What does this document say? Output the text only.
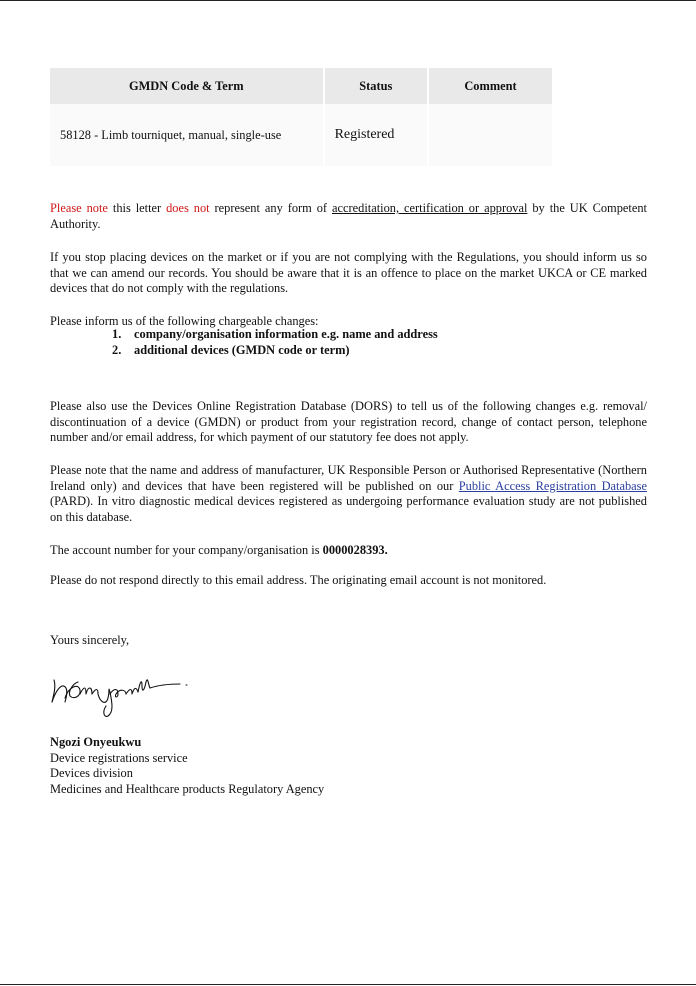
GMDN Code & Term	Status	Comment
58128 - Limb tourniquet, manual, single-use	Registered	

Please note this letter does not represent any form of accreditation, certification or approval by the UK Competent Authority.

If you stop placing devices on the market or if you are not complying with the Regulations, you should inform us so that we can amend our records. You should be aware that it is an offence to place on the market UKCA or CE marked devices that do not comply with the regulations.

Please inform us of the following chargeable changes:

1. company/organisation information e.g. name and address
2. additional devices (GMDN code or term)

Please also use the Devices Online Registration Database (DORS) to tell us of the following changes e.g. removal/ discontinuation of a device (GMDN) or product from your registration record, change of contact person, telephone number and/or email address, for which payment of our statutory fee does not apply.

Please note that the name and address of manufacturer, UK Responsible Person or Authorised Representative (Northern Ireland only) and devices that have been registered will be published on our Public Access Registration Database (PARD). In vitro diagnostic medical devices registered as undergoing performance evaluation study are not published on this database.

The account number for your company/organisation is 0000028393.

Please do not respond directly to this email address. The originating email account is not monitored.

Yours sincerely,

Ngozi Onyeukwu
Device registrations service
Devices division
Medicines and Healthcare products Regulatory Agency
